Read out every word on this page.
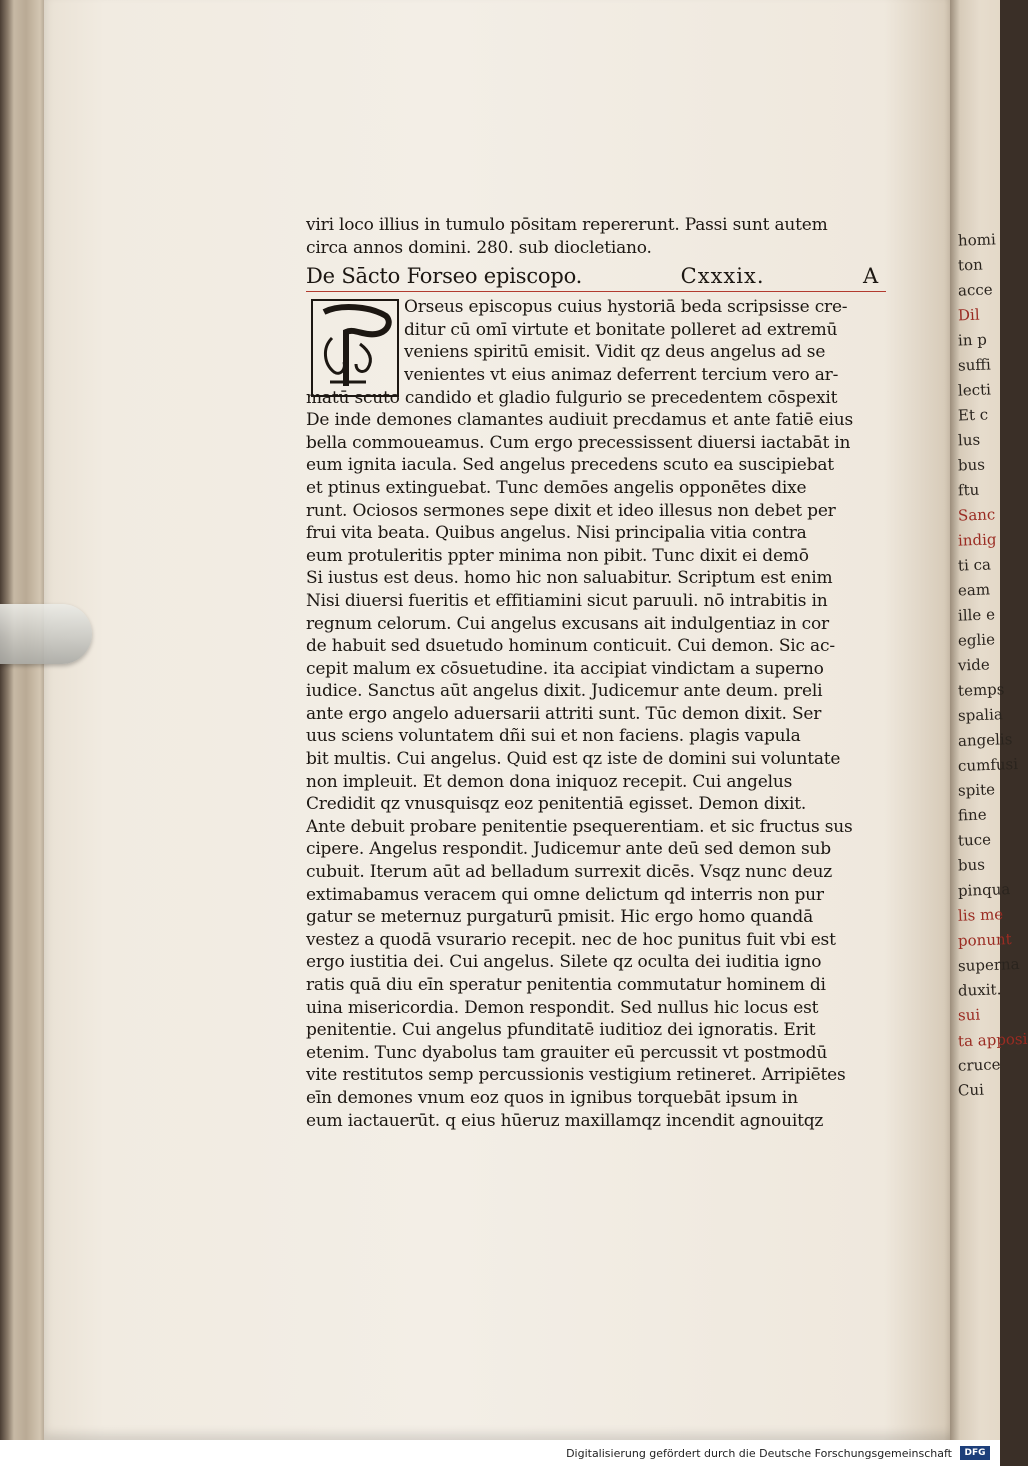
homi
ton
acce
Dil
in p
suffi
lecti
Et c
lus
bus
ftu
Sanc
indig
ti ca
eam
ille e
eglie
vide
temps
spalia
angelis
cumfusi
spite
fine
tuce
bus
pinqua
lis me
ponunt
superna
duxit.
sui
ta apposi
cruce
Cui
viri loco illius in tumulo pōsitam repererunt. Passi sunt autem
circa annos domini. 280. sub diocletiano.
De Sācto Forseo episcopo.	Cxxxix.	A
Orseus episcopus cuius hystoriā beda scripsisse cre-
ditur cū omī virtute et bonitate polleret ad extremū
veniens spiritū emisit. Vidit qz deus angelus ad se
venientes vt eius animaz deferrent tercium vero ar-
matū scuto candido et gladio fulgurio se precedentem cōspexit
De inde demones clamantes audiuit precdamus et ante fatiē eius
bella commoueamus. Cum ergo precessissent diuersi iactabāt in
eum ignita iacula. Sed angelus precedens scuto ea suscipiebat
et ptinus extinguebat. Tunc demōes angelis opponētes dixe
runt. Ociosos sermones sepe dixit et ideo illesus non debet per
frui vita beata. Quibus angelus. Nisi principalia vitia contra
eum protuleritis ppter minima non pibit. Tunc dixit ei demō
Si iustus est deus. homo hic non saluabitur. Scriptum est enim
Nisi diuersi fueritis et effitiamini sicut paruuli. nō intrabitis in
regnum celorum. Cui angelus excusans ait indulgentiaz in cor
de habuit sed dsuetudo hominum conticuit. Cui demon. Sic ac-
cepit malum ex cōsuetudine. ita accipiat vindictam a superno
iudice. Sanctus aūt angelus dixit. Judicemur ante deum. preli
ante ergo angelo aduersarii attriti sunt. Tūc demon dixit. Ser
uus sciens voluntatem dñi sui et non faciens. plagis vapula
bit multis. Cui angelus. Quid est qz iste de domini sui voluntate
non impleuit. Et demon dona iniquoz recepit. Cui angelus
Credidit qz vnusquisqz eoz penitentiā egisset. Demon dixit.
Ante debuit probare penitentie psequerentiam. et sic fructus sus
cipere. Angelus respondit. Judicemur ante deū sed demon sub
cubuit. Iterum aūt ad belladum surrexit dicēs. Vsqz nunc deuz
extimabamus veracem qui omne delictum qd interris non pur
gatur se meternuz purgaturū pmisit. Hic ergo homo quandā
vestez a quodā vsurario recepit. nec de hoc punitus fuit vbi est
ergo iustitia dei. Cui angelus. Silete qz oculta dei iuditia igno
ratis quā diu eīn speratur penitentia commutatur hominem di
uina misericordia. Demon respondit. Sed nullus hic locus est
penitentie. Cui angelus pfunditatē iuditioz dei ignoratis. Erit
etenim. Tunc dyabolus tam grauiter eū percussit vt postmodū
vite restitutos semp percussionis vestigium retineret. Arripiētes
eīn demones vnum eoz quos in ignibus torquebāt ipsum in
eum iactauerūt. q eius hūeruz maxillamqz incendit agnouitqz
Digitalisierung gefördert durch die Deutsche Forschungsgemeinschaft	DFG
